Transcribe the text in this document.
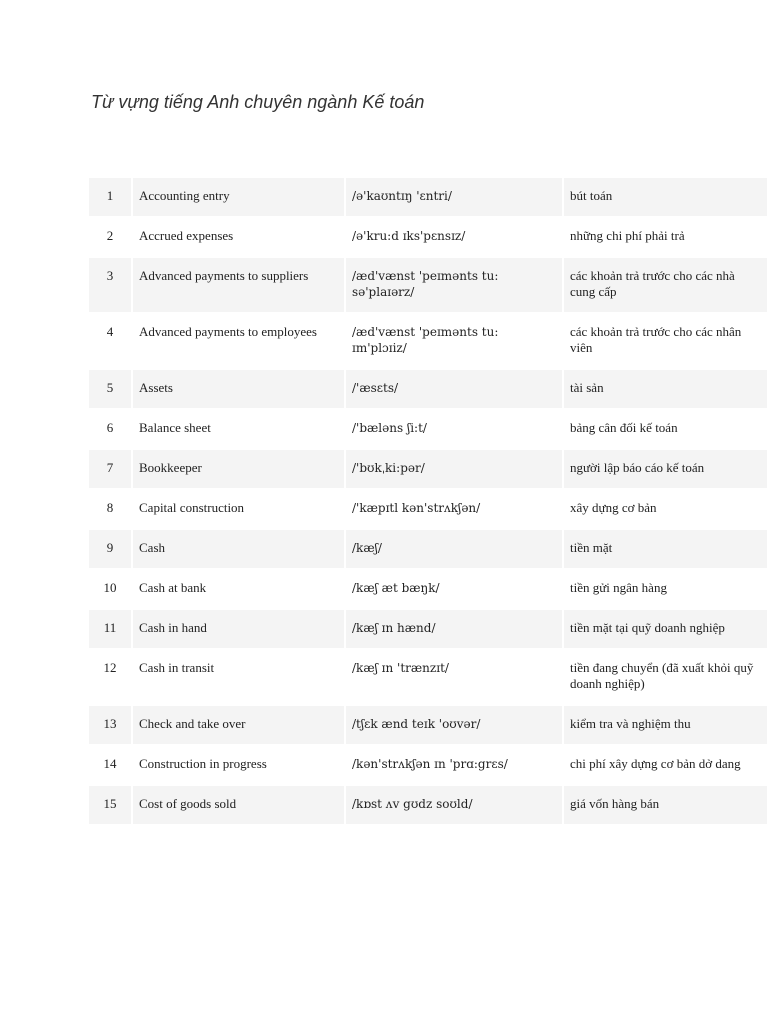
Từ vựng tiếng Anh chuyên ngành Kế toán
1	Accounting entry	/ə'kaʊntɪŋ 'ɛntri/	bút toán
2	Accrued expenses	/ə'kru:d ɪks'pɛnsɪz/	những chi phí phải trả
3	Advanced payments to suppliers	/æd'vænst 'peɪmənts tu: sə'plaɪərz/	các khoản trả trước cho các nhà cung cấp
4	Advanced payments to employees	/æd'vænst 'peɪmənts tu: ɪm'plɔɪiz/	các khoản trả trước cho các nhân viên
5	Assets	/'æsɛts/	tài sản
6	Balance sheet	/'bæləns ʃi:t/	bảng cân đối kế toán
7	Bookkeeper	/'bʊkˌki:pər/	người lập báo cáo kế toán
8	Capital construction	/'kæpɪtl kən'strʌkʃən/	xây dựng cơ bản
9	Cash	/kæʃ/	tiền mặt
10	Cash at bank	/kæʃ æt bæŋk/	tiền gửi ngân hàng
11	Cash in hand	/kæʃ ɪn hænd/	tiền mặt tại quỹ doanh nghiệp
12	Cash in transit	/kæʃ ɪn 'trænzɪt/	tiền đang chuyển (đã xuất khỏi quỹ doanh nghiệp)
13	Check and take over	/tʃɛk ænd teɪk 'oʊvər/	kiểm tra và nghiệm thu
14	Construction in progress	/kən'strʌkʃən ɪn 'prɑ:grɛs/	chi phí xây dựng cơ bản dở dang
15	Cost of goods sold	/kɒst ʌv gʊdz soʊld/	giá vốn hàng bán
